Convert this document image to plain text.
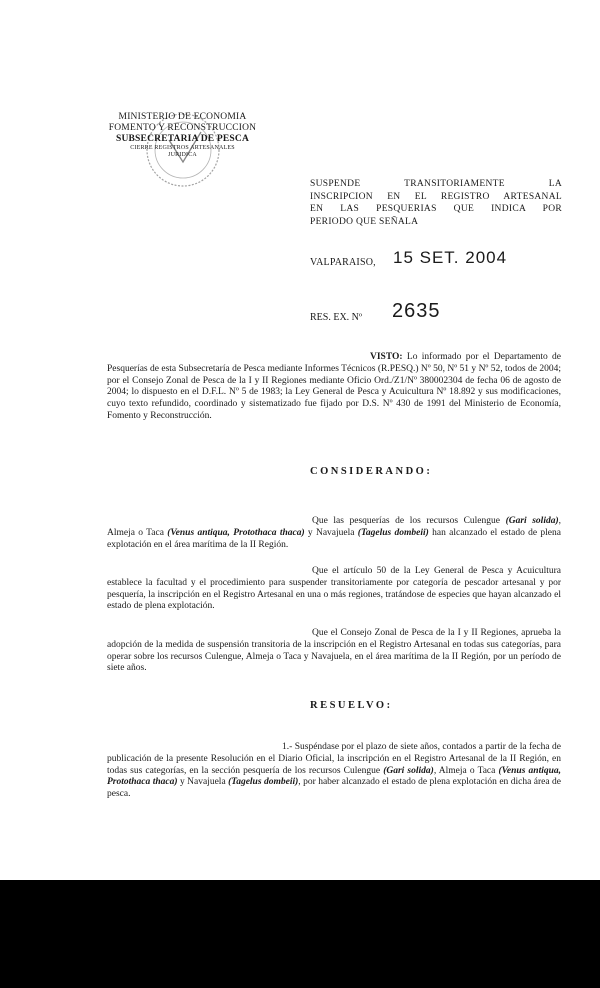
MINISTERIO DE ECONOMIA
FOMENTO Y RECONSTRUCCION
SUBSECRETARIA DE PESCA
CIERRE REGISTROS ARTESANALES
JURIDICA
SUSPENDE TRANSITORIAMENTE LA
INSCRIPCION EN EL REGISTRO ARTESANAL
EN LAS PESQUERIAS QUE INDICA POR
PERIODO QUE SEÑALA
VALPARAISO, 15 SET. 2004
RES. EX. Nº 2635
VISTO: Lo informado por el Departamento de Pesquerías de esta Subsecretaría de Pesca mediante Informes Técnicos (R.PESQ.) Nº 50, Nº 51 y Nº 52, todos de 2004; por el Consejo Zonal de Pesca de la I y II Regiones mediante Oficio Ord./Z1/Nº 380002304 de fecha 06 de agosto de 2004; lo dispuesto en el D.F.L. Nº 5 de 1983; la Ley General de Pesca y Acuicultura Nº 18.892 y sus modificaciones, cuyo texto refundido, coordinado y sistematizado fue fijado por D.S. Nº 430 de 1991 del Ministerio de Economía, Fomento y Reconstrucción.
CONSIDERANDO:
Que las pesquerías de los recursos Culengue (Gari solida), Almeja o Taca (Venus antiqua, Protothaca thaca) y Navajuela (Tagelus dombeii) han alcanzado el estado de plena explotación en el área marítima de la II Región.
Que el artículo 50 de la Ley General de Pesca y Acuicultura establece la facultad y el procedimiento para suspender transitoriamente por categoría de pescador artesanal y por pesquería, la inscripción en el Registro Artesanal en una o más regiones, tratándose de especies que hayan alcanzado el estado de plena explotación.
Que el Consejo Zonal de Pesca de la I y II Regiones, aprueba la adopción de la medida de suspensión transitoria de la inscripción en el Registro Artesanal en todas sus categorías, para operar sobre los recursos Culengue, Almeja o Taca y Navajuela, en el área marítima de la II Región, por un período de siete años.
RESUELVO:
1.- Suspéndase por el plazo de siete años, contados a partir de la fecha de publicación de la presente Resolución en el Diario Oficial, la inscripción en el Registro Artesanal de la II Región, en todas sus categorías, en la sección pesquería de los recursos Culengue (Gari solida), Almeja o Taca (Venus antiqua, Protothaca thaca) y Navajuela (Tagelus dombeii), por haber alcanzado el estado de plena explotación en dicha área de pesca.
